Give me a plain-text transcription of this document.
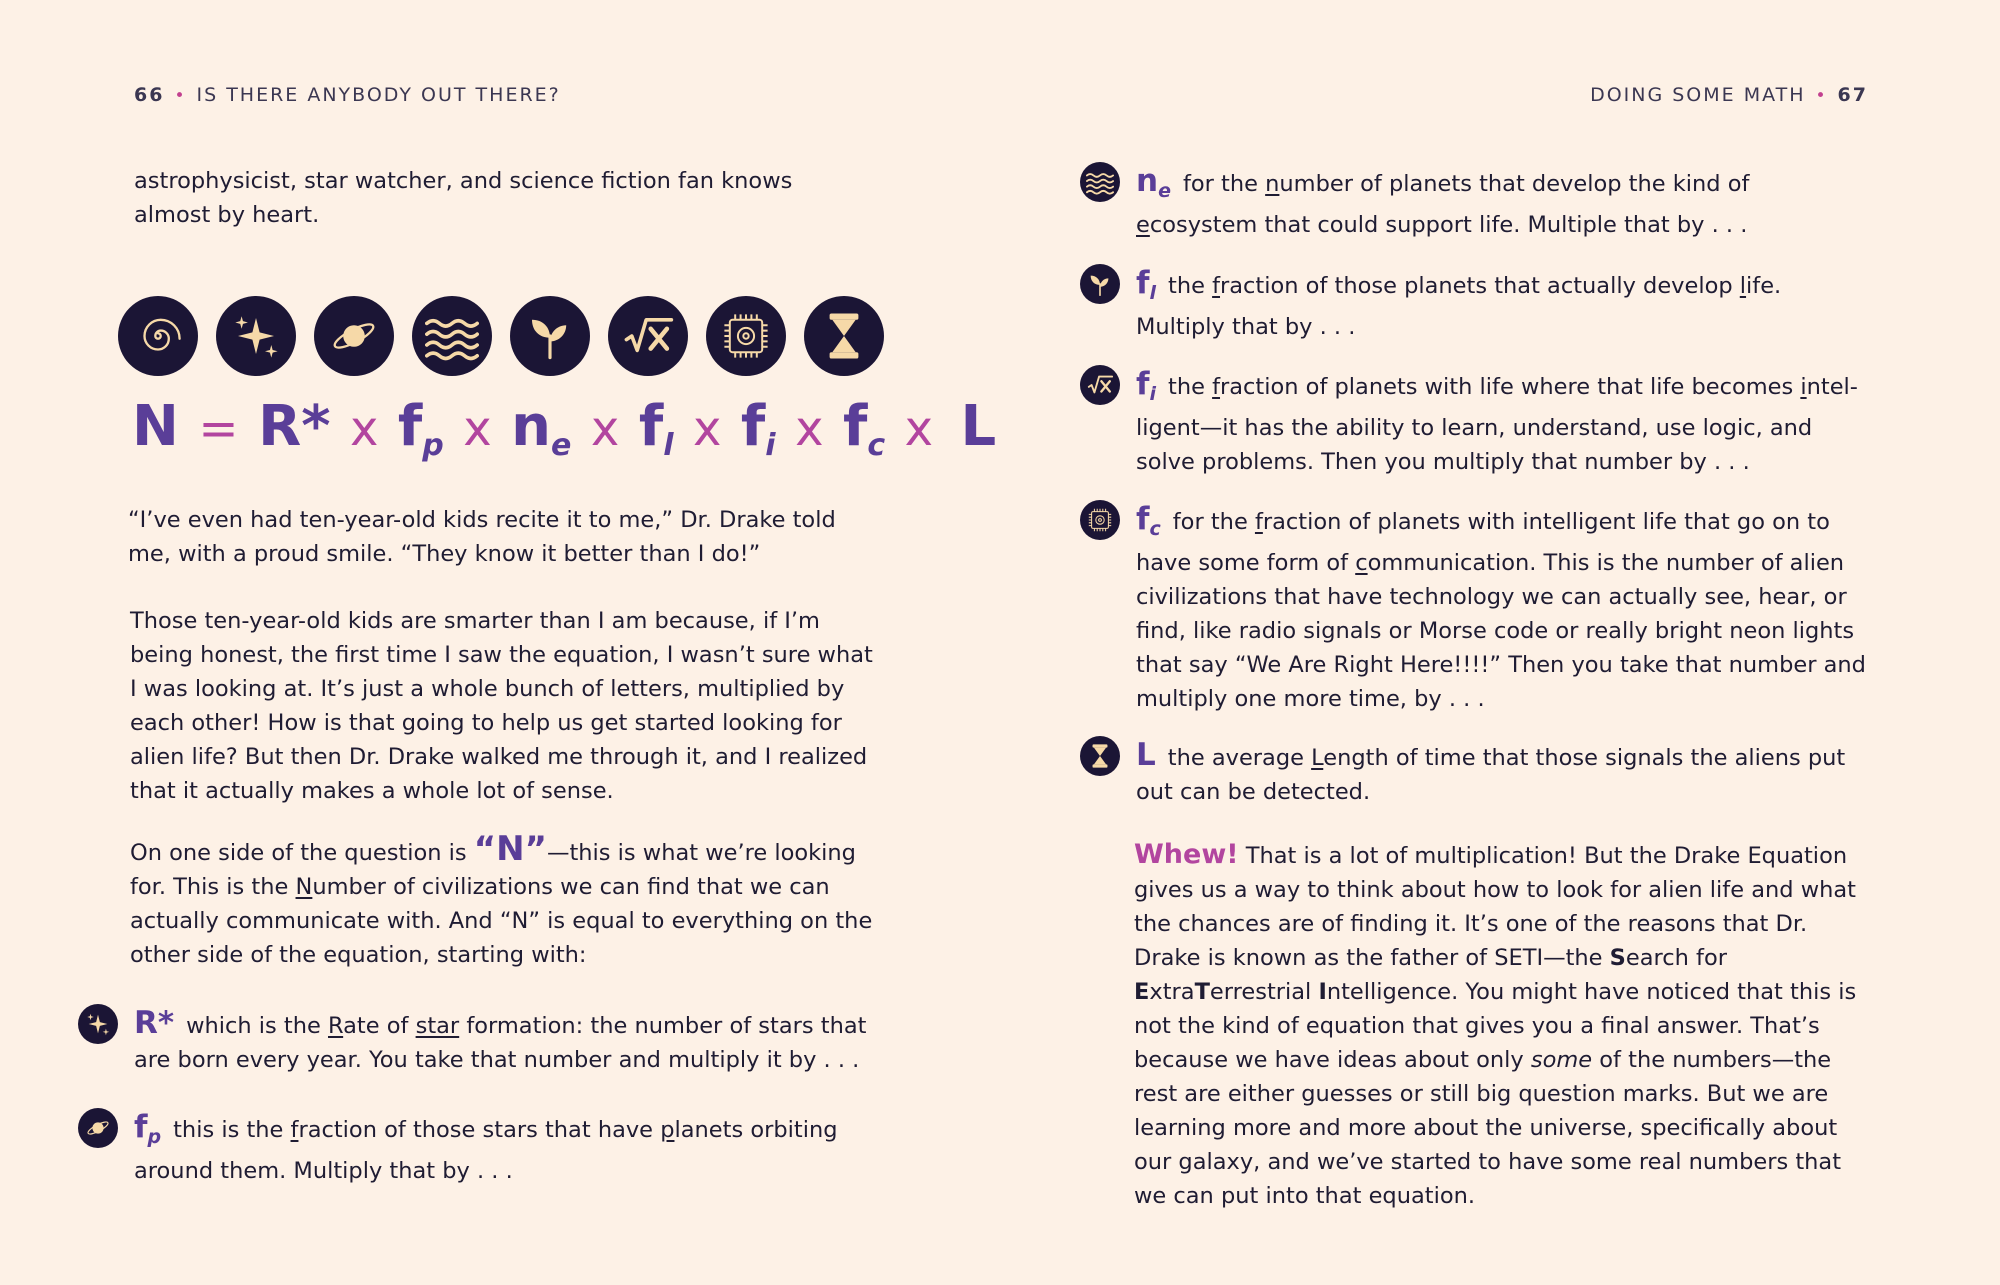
66 • IS THERE ANYBODY OUT THERE?
astrophysicist, star watcher, and science fiction fan knows almost by heart.
N = R* x $f_p$ x $n_e$ x $f_l$ x $f_i$ x $f_c$ x L
“I’ve even had ten-year-old kids recite it to me,” Dr. Drake told me, with a proud smile. “They know it better than I do!”
Those ten-year-old kids are smarter than I am because, if I’m being honest, the first time I saw the equation, I wasn’t sure what I was looking at. It’s just a whole bunch of letters, multiplied by each other! How is that going to help us get started looking for alien life? But then Dr. Drake walked me through it, and I realized that it actually makes a whole lot of sense.
On one side of the question is “N”—this is what we’re looking for. This is the Number of civilizations we can find that we can actually communicate with. And “N” is equal to everything on the other side of the equation, starting with:
R* which is the Rate of star formation: the number of stars that are born every year. You take that number and multiply it by . . .
$f_p$ this is the fraction of those stars that have planets orbiting around them. Multiply that by . . .
DOING SOME MATH • 67
$n_e$ for the number of planets that develop the kind of ecosystem that could support life. Multiple that by . . .
$f_l$ the fraction of those planets that actually develop life. Multiply that by . . .
$f_i$ the fraction of planets with life where that life becomes intel-ligent—it has the ability to learn, understand, use logic, and solve problems. Then you multiply that number by . . .
$f_c$ for the fraction of planets with intelligent life that go on to have some form of communication. This is the number of alien civilizations that have technology we can actually see, hear, or find, like radio signals or Morse code or really bright neon lights that say “We Are Right Here!!!!” Then you take that number and multiply one more time, by . . .
L the average Length of time that those signals the aliens put out can be detected.
Whew! That is a lot of multiplication! But the Drake Equation gives us a way to think about how to look for alien life and what the chances are of finding it. It’s one of the reasons that Dr. Drake is known as the father of SETI—the Search for ExtraTerrestrial Intelligence. You might have noticed that this is not the kind of equation that gives you a final answer. That’s because we have ideas about only some of the numbers—the rest are either guesses or still big question marks. But we are learning more and more about the universe, specifically about our galaxy, and we’ve started to have some real numbers that we can put into that equation.
